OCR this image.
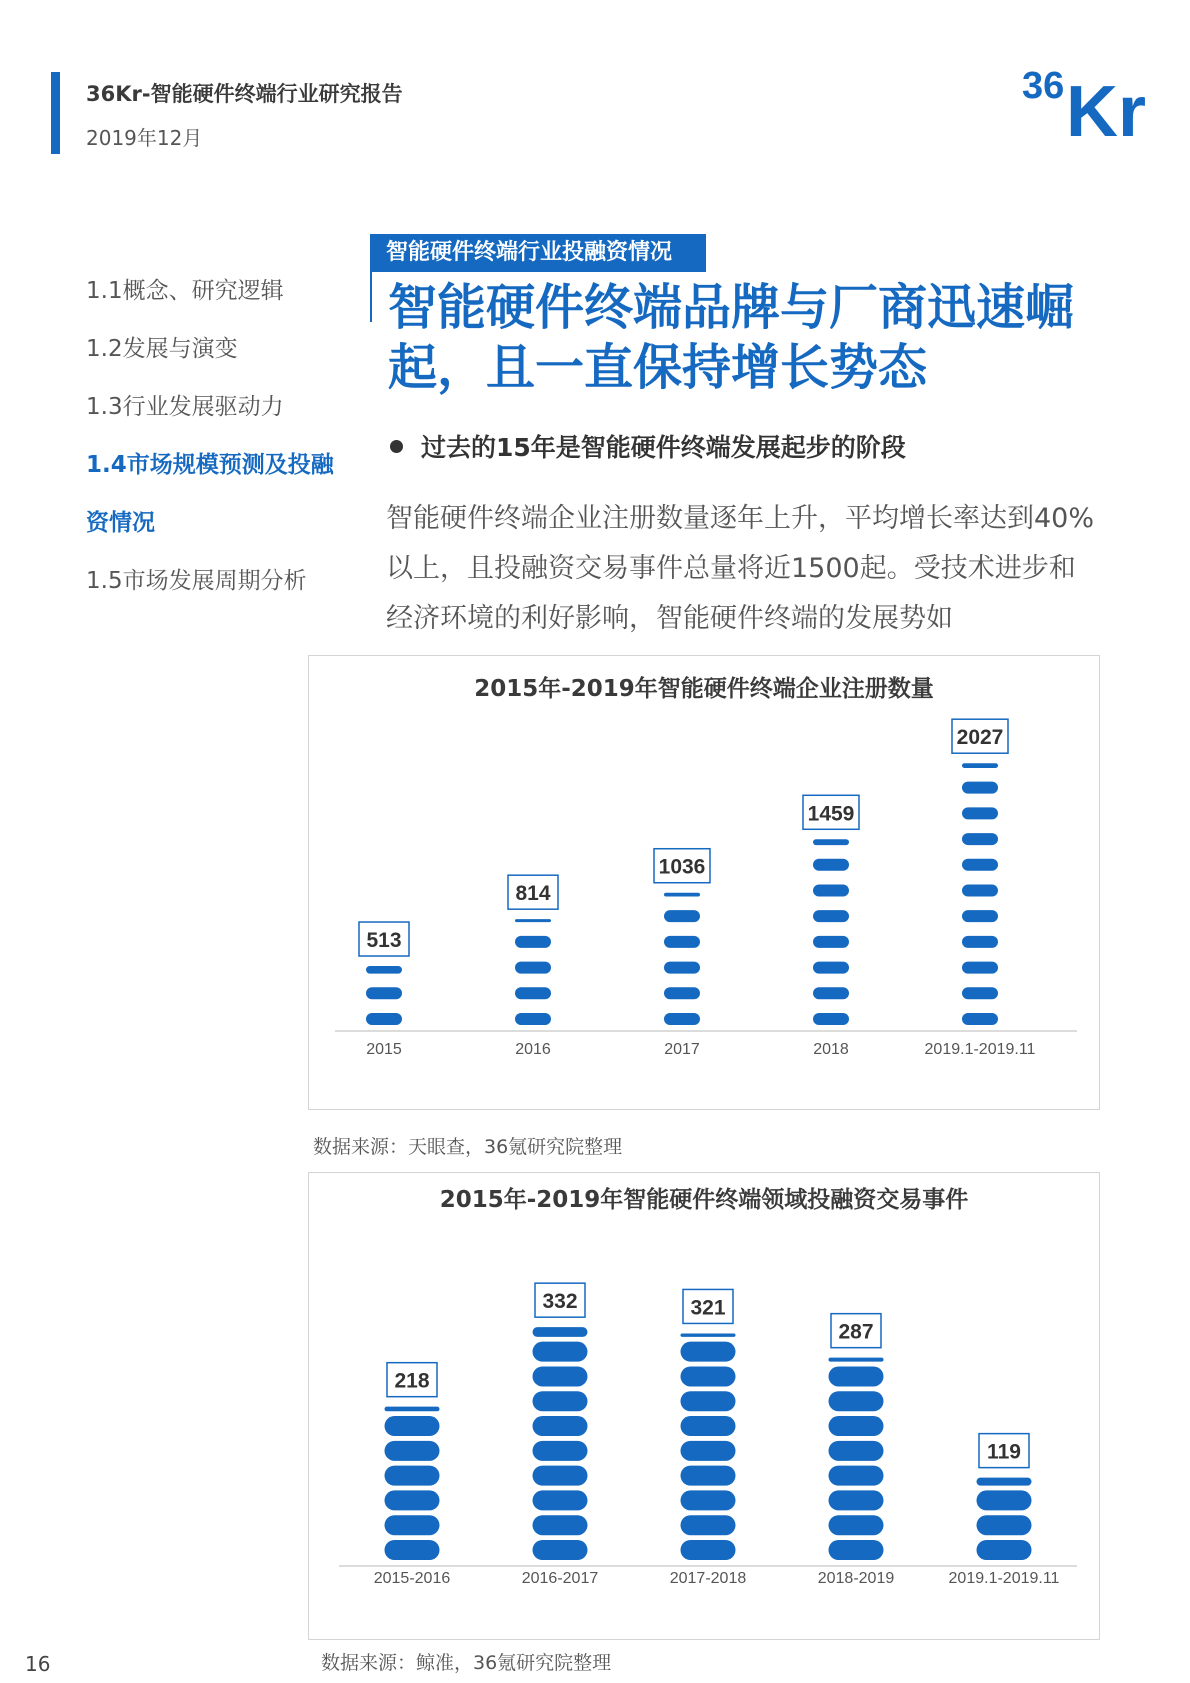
36Kr-智能硬件终端行业研究报告
2019年12月
36 Kr
1.1概念、研究逻辑
1.2发展与演变
1.3行业发展驱动力
1.4市场规模预测及投融
资情况
1.5市场发展周期分析
智能硬件终端行业投融资情况
智能硬件终端品牌与厂商迅速崛起，且一直保持增长势态
过去的15年是智能硬件终端发展起步的阶段
智能硬件终端企业注册数量逐年上升，平均增长率达到40%以上，且投融资交易事件总量将近1500起。受技术进步和经济环境的利好影响，智能硬件终端的发展势如
2015年-2019年智能硬件终端企业注册数量
513
2015
814
2016
1036
2017
1459
2018
2027
2019.1-2019.11
数据来源：天眼查，36氪研究院整理
2015年-2019年智能硬件终端领域投融资交易事件
218
2015-2016
332
2016-2017
321
2017-2018
287
2018-2019
119
2019.1-2019.11
数据来源：鲸准，36氪研究院整理
16
